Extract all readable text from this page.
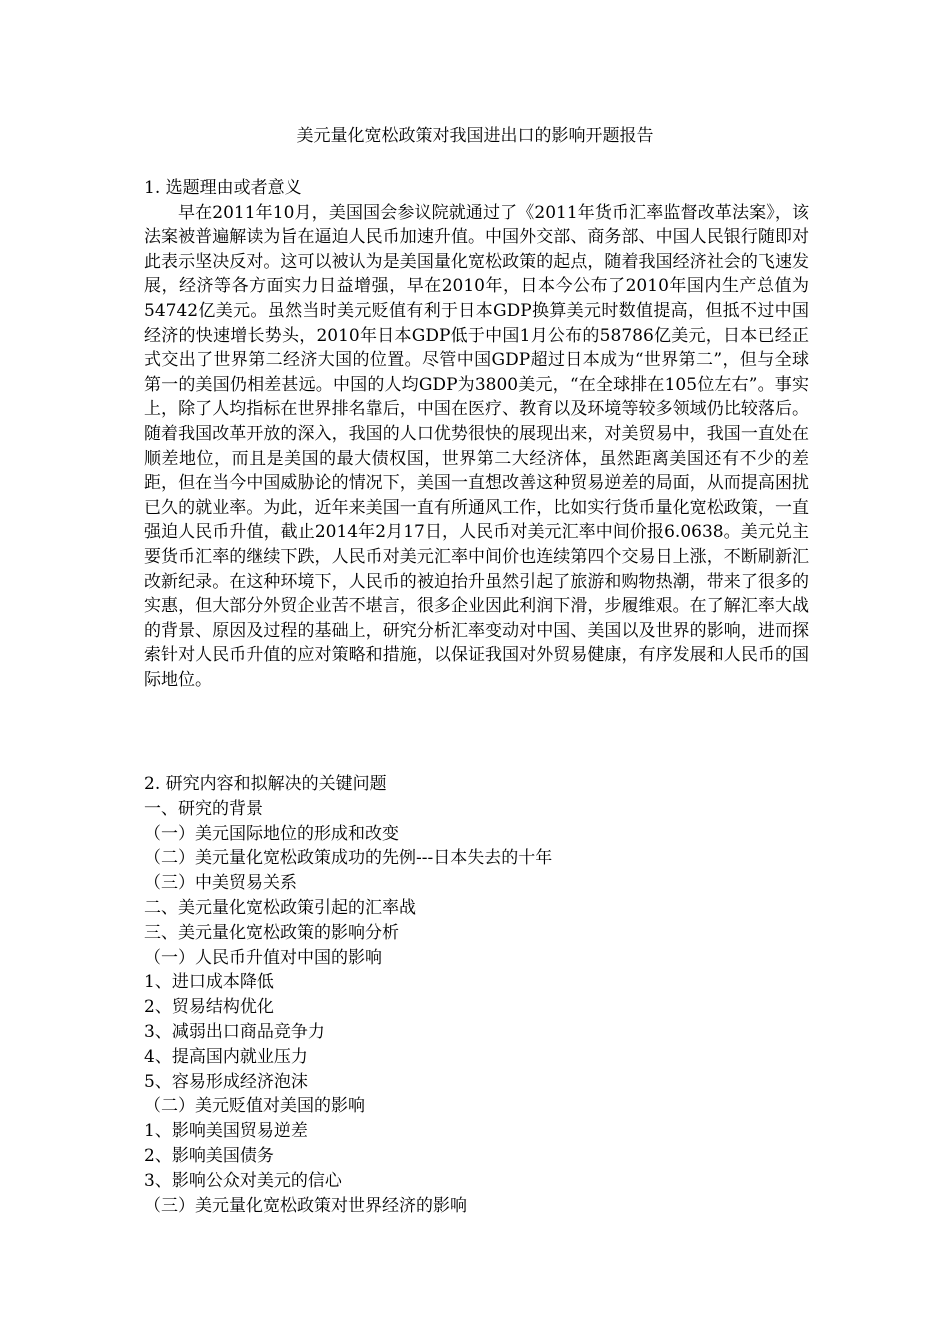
美元量化宽松政策对我国进出口的影响开题报告

1. 选题理由或者意义

早在2011年10月，美国国会参议院就通过了《2011年货币汇率监督改革法案》，该法案被普遍解读为旨在逼迫人民币加速升值。中国外交部、商务部、中国人民银行随即对此表示坚决反对。这可以被认为是美国量化宽松政策的起点，随着我国经济社会的飞速发展，经济等各方面实力日益增强，早在2010年，日本今公布了2010年国内生产总值为54742亿美元。虽然当时美元贬值有利于日本GDP换算美元时数值提高，但抵不过中国经济的快速增长势头，2010年日本GDP低于中国1月公布的58786亿美元，日本已经正式交出了世界第二经济大国的位置。尽管中国GDP超过日本成为“世界第二”，但与全球第一的美国仍相差甚远。中国的人均GDP为3800美元，“在全球排在105位左右”。事实上，除了人均指标在世界排名靠后，中国在医疗、教育以及环境等较多领域仍比较落后。随着我国改革开放的深入，我国的人口优势很快的展现出来，对美贸易中，我国一直处在顺差地位，而且是美国的最大债权国，世界第二大经济体，虽然距离美国还有不少的差距，但在当今中国威胁论的情况下，美国一直想改善这种贸易逆差的局面，从而提高困扰已久的就业率。为此，近年来美国一直有所通风工作，比如实行货币量化宽松政策，一直强迫人民币升值，截止2014年2月17日，人民币对美元汇率中间价报6.0638。美元兑主要货币汇率的继续下跌，人民币对美元汇率中间价也连续第四个交易日上涨，不断刷新汇改新纪录。在这种环境下，人民币的被迫抬升虽然引起了旅游和购物热潮，带来了很多的实惠，但大部分外贸企业苦不堪言，很多企业因此利润下滑，步履维艰。在了解汇率大战的背景、原因及过程的基础上，研究分析汇率变动对中国、美国以及世界的影响，进而探索针对人民币升值的应对策略和措施，以保证我国对外贸易健康，有序发展和人民币的国际地位。

2. 研究内容和拟解决的关键问题

一、研究的背景

（一）美元国际地位的形成和改变

（二）美元量化宽松政策成功的先例---日本失去的十年

（三）中美贸易关系

二、美元量化宽松政策引起的汇率战

三、美元量化宽松政策的影响分析

（一）人民币升值对中国的影响

1、进口成本降低

2、贸易结构优化

3、减弱出口商品竞争力

4、提高国内就业压力

5、容易形成经济泡沫

（二）美元贬值对美国的影响

1、影响美国贸易逆差

2、影响美国债务

3、影响公众对美元的信心

（三）美元量化宽松政策对世界经济的影响
